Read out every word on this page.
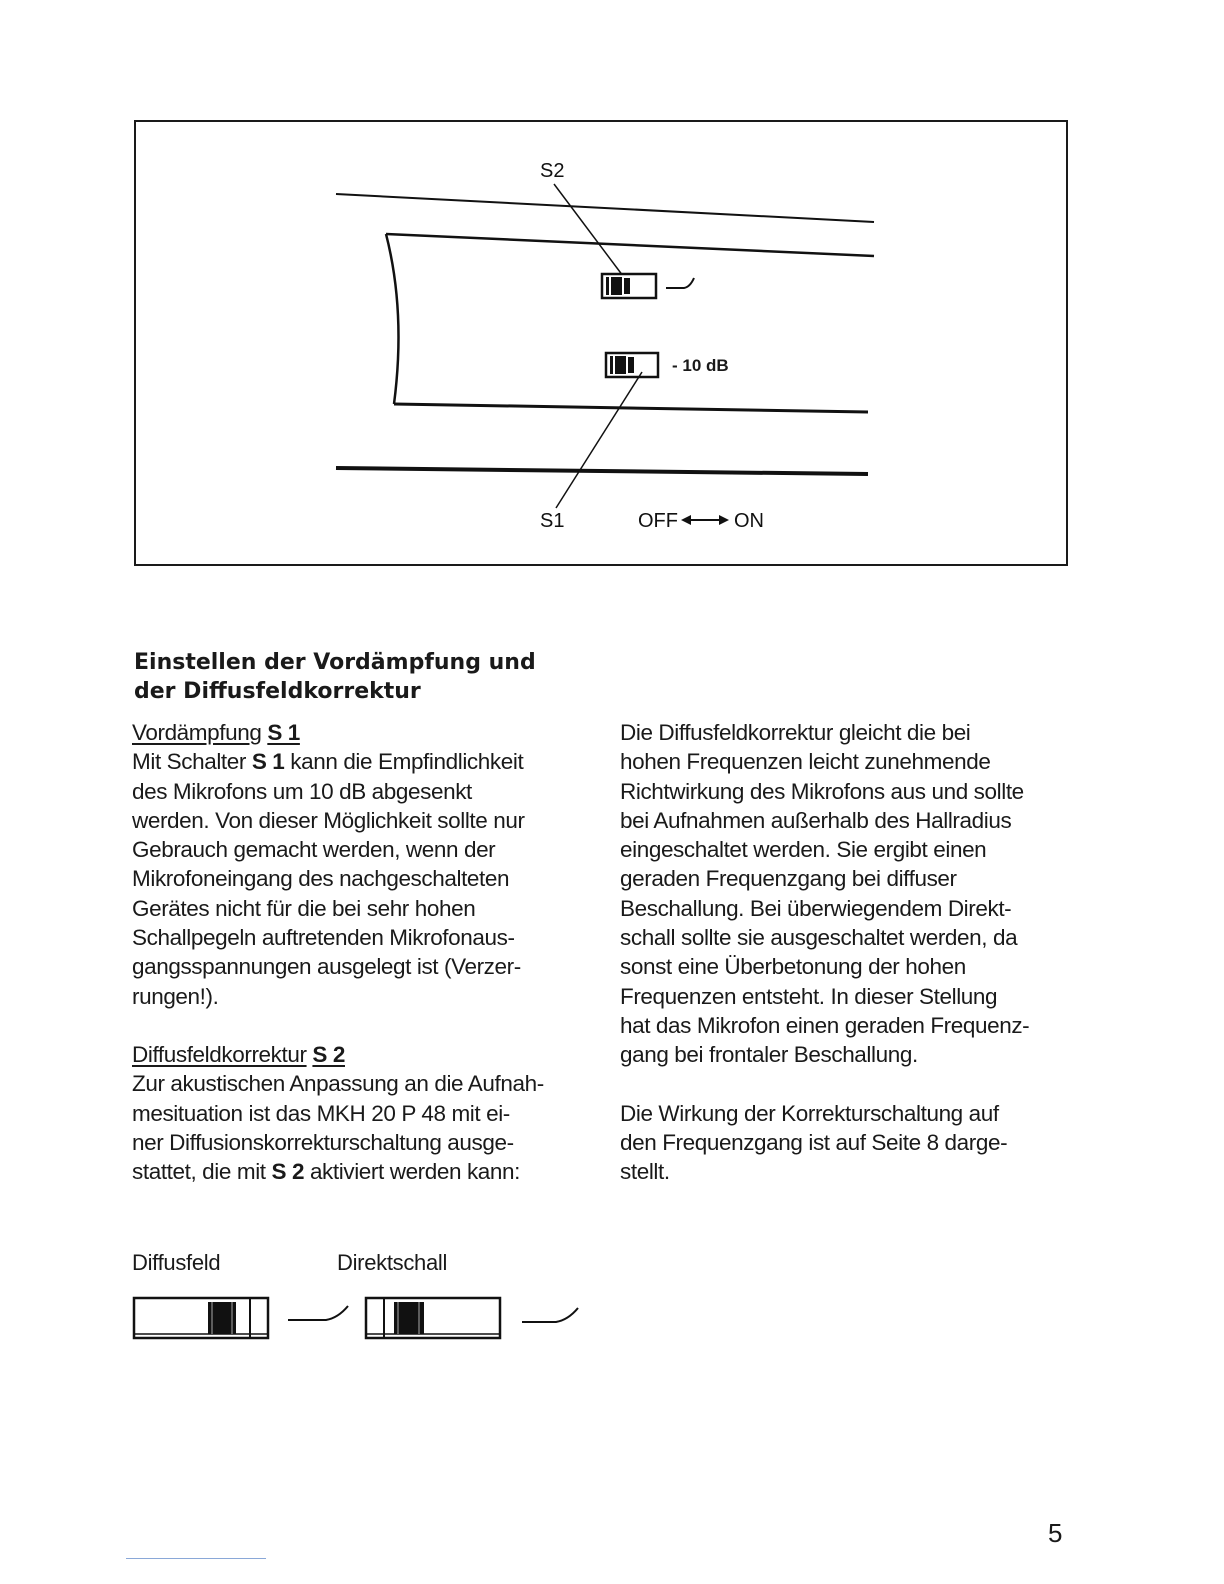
S2
- 10 dB
S1	OFF	ON
Einstellen der Vordämpfung und
der Diffusfeldkorrektur
Vordämpfung S 1
Mit Schalter S 1 kann die Empfindlichkeit
des Mikrofons um 10 dB abgesenkt
werden. Von dieser Möglichkeit sollte nur
Gebrauch gemacht werden, wenn der
Mikrofoneingang des nachgeschalteten
Gerätes nicht für die bei sehr hohen
Schallpegeln auftretenden Mikrofonaus-
gangsspannungen ausgelegt ist (Verzer-
rungen!).
Diffusfeldkorrektur S 2
Zur akustischen Anpassung an die Aufnah-
mesituation ist das MKH 20 P 48 mit ei-
ner Diffusionskorrekturschaltung ausge-
stattet, die mit S 2 aktiviert werden kann:

Die Diffusfeldkorrektur gleicht die bei
hohen Frequenzen leicht zunehmende
Richtwirkung des Mikrofons aus und sollte
bei Aufnahmen außerhalb des Hallradius
eingeschaltet werden. Sie ergibt einen
geraden Frequenzgang bei diffuser
Beschallung. Bei überwiegendem Direkt-
schall sollte sie ausgeschaltet werden, da
sonst eine Überbetonung der hohen
Frequenzen entsteht. In dieser Stellung
hat das Mikrofon einen geraden Frequenz-
gang bei frontaler Beschallung.

Die Wirkung der Korrekturschaltung auf
den Frequenzgang ist auf Seite 8 darge-
stellt.

Diffusfeld	Direktschall
5
